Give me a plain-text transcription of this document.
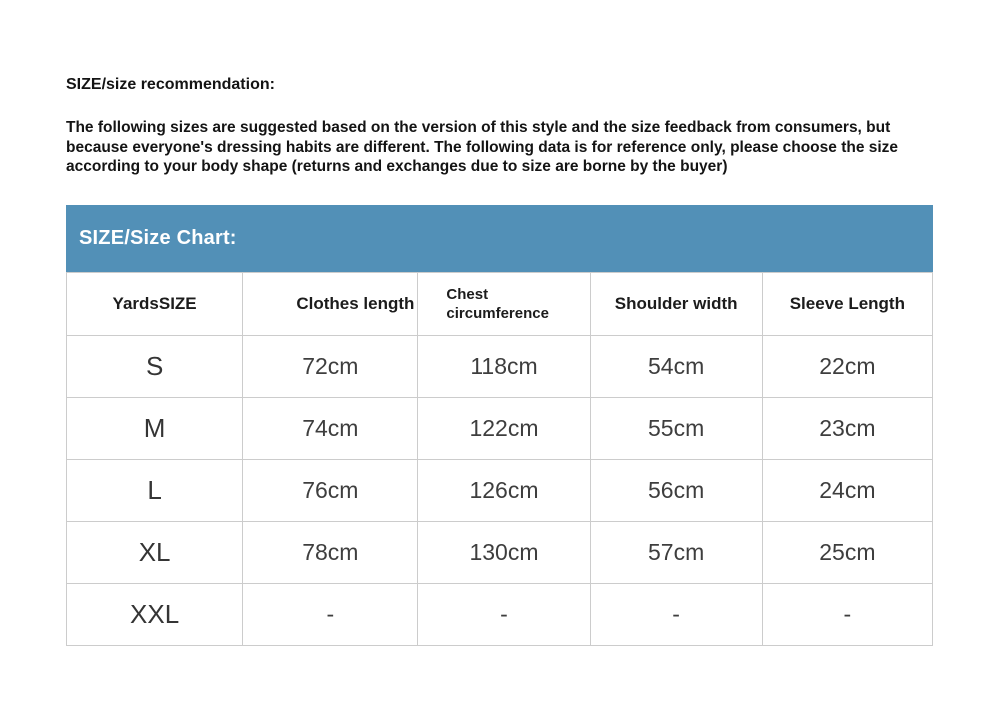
SIZE/size recommendation:

The following sizes are suggested based on the version of this style and the size feedback from consumers, but because everyone's dressing habits are different. The following data is for reference only, please choose the size according to your body shape (returns and exchanges due to size are borne by the buyer)

SIZE/Size Chart:
YardsSIZE	Clothes length	Chest circumference	Shoulder width	Sleeve Length
S	72cm	118cm	54cm	22cm
M	74cm	122cm	55cm	23cm
L	76cm	126cm	56cm	24cm
XL	78cm	130cm	57cm	25cm
XXL	-	-	-	-
